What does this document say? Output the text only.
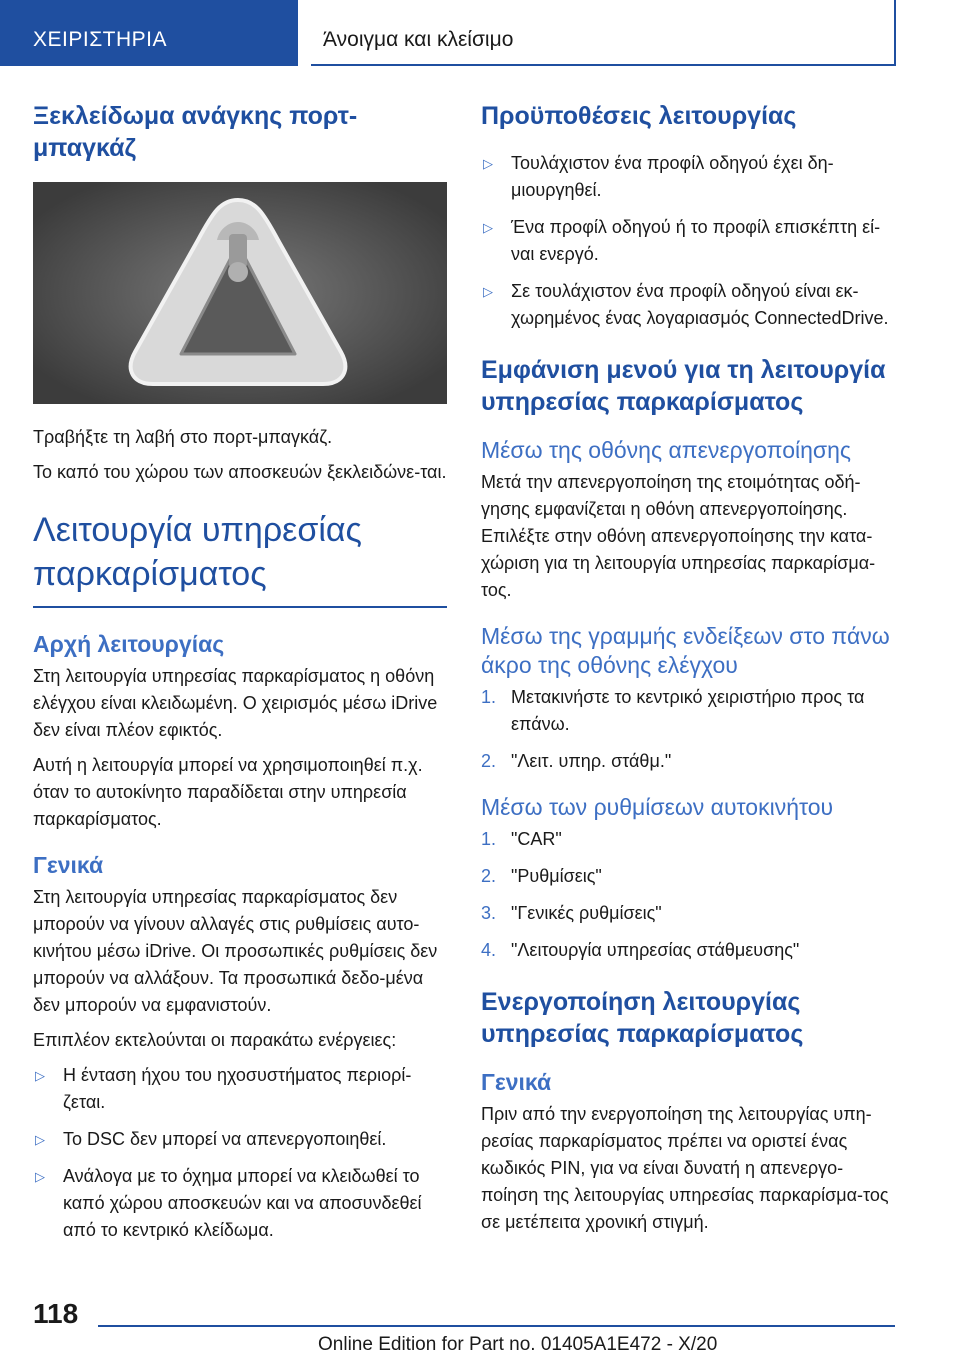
ΧΕΙΡΙΣΤΗΡΙΑ	Άνοιγμα και κλείσιμο
Ξεκλείδωμα ανάγκης πορτ-μπαγκάζ

Τραβήξτε τη λαβή στο πορτ-μπαγκάζ.

Το καπό του χώρου των αποσκευών ξεκλειδώνε-ται.

Λειτουργία υπηρεσίας παρκαρίσματος
Αρχή λειτουργίας

Στη λειτουργία υπηρεσίας παρκαρίσματος η οθόνη ελέγχου είναι κλειδωμένη. Ο χειρισμός μέσω iDrive δεν είναι πλέον εφικτός.

Αυτή η λειτουργία μπορεί να χρησιμοποιηθεί π.χ. όταν το αυτοκίνητο παραδίδεται στην υπηρεσία παρκαρίσματος.

Γενικά

Στη λειτουργία υπηρεσίας παρκαρίσματος δεν μπορούν να γίνουν αλλαγές στις ρυθμίσεις αυτο-κινήτου μέσω iDrive. Οι προσωπικές ρυθμίσεις δεν μπορούν να αλλάξουν. Τα προσωπικά δεδο-μένα δεν μπορούν να εμφανιστούν.

Επιπλέον εκτελούνται οι παρακάτω ενέργειες:

▷ Η ένταση ήχου του ηχοσυστήματος περιορί-ζεται.
▷ Το DSC δεν μπορεί να απενεργοποιηθεί.
▷ Ανάλογα με το όχημα μπορεί να κλειδωθεί το καπό χώρου αποσκευών και να αποσυνδεθεί από το κεντρικό κλείδωμα.
Προϋποθέσεις λειτουργίας
▷ Τουλάχιστον ένα προφίλ οδηγού έχει δη-μιουργηθεί.
▷ Ένα προφίλ οδηγού ή το προφίλ επισκέπτη εί-ναι ενεργό.
▷ Σε τουλάχιστον ένα προφίλ οδηγού είναι εκ-χωρημένος ένας λογαριασμός ConnectedDrive.
Εμφάνιση μενού για τη λειτουργία υπηρεσίας παρκαρίσματος
Μέσω της οθόνης απενεργοποίησης

Μετά την απενεργοποίηση της ετοιμότητας οδή-γησης εμφανίζεται η οθόνη απενεργοποίησης. Επιλέξτε στην οθόνη απενεργοποίησης την κατα-χώριση για τη λειτουργία υπηρεσίας παρκαρίσμα-τος.

Μέσω της γραμμής ενδείξεων στο πάνω άκρο της οθόνης ελέγχου
1. Μετακινήστε το κεντρικό χειριστήριο προς τα επάνω.
2. "Λειτ. υπηρ. στάθμ."
Μέσω των ρυθμίσεων αυτοκινήτου
1. "CAR"
2. "Ρυθμίσεις"
3. "Γενικές ρυθμίσεις"
4. "Λειτουργία υπηρεσίας στάθμευσης"
Ενεργοποίηση λειτουργίας υπηρεσίας παρκαρίσματος
Γενικά

Πριν από την ενεργοποίηση της λειτουργίας υπη-ρεσίας παρκαρίσματος πρέπει να οριστεί ένας κωδικός PIN, για να είναι δυνατή η απενεργο-ποίηση της λειτουργίας υπηρεσίας παρκαρίσμα-τος σε μετέπειτα χρονική στιγμή.

118
Online Edition for Part no. 01405A1E472 - X/20
